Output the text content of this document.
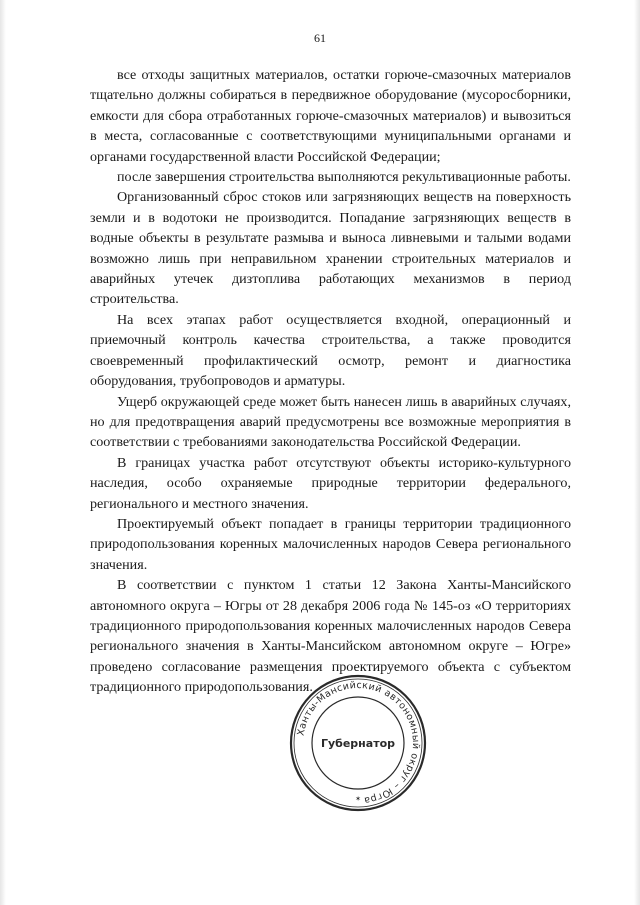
61

все отходы защитных материалов, остатки горюче-смазочных материалов тщательно должны собираться в передвижное оборудование (мусоросборники, емкости для сбора отработанных горюче-смазочных материалов) и вывозиться в места, согласованные с соответствующими муниципальными органами и органами государственной власти Российской Федерации;

после завершения строительства выполняются рекультивационные работы.

Организованный сброс стоков или загрязняющих веществ на поверхность земли и в водотоки не производится. Попадание загрязняющих веществ в водные объекты в результате размыва и выноса ливневыми и талыми водами возможно лишь при неправильном хранении строительных материалов и аварийных утечек дизтоплива работающих механизмов в период строительства.

На всех этапах работ осуществляется входной, операционный и приемочный контроль качества строительства, а также проводится своевременный профилактический осмотр, ремонт и диагностика оборудования, трубопроводов и арматуры.

Ущерб окружающей среде может быть нанесен лишь в аварийных случаях, но для предотвращения аварий предусмотрены все возможные мероприятия в соответствии с требованиями законодательства Российской Федерации.

В границах участка работ отсутствуют объекты историко-культурного наследия, особо охраняемые природные территории федерального, регионального и местного значения.

Проектируемый объект попадает в границы территории традиционного природопользования коренных малочисленных народов Севера регионального значения.

В соответствии с пунктом 1 статьи 12 Закона Ханты-Мансийского автономного округа – Югры от 28 декабря 2006 года № 145-оз «О территориях традиционного природопользования коренных малочисленных народов Севера регионального значения в Ханты-Мансийском автономном округе – Югре» проведено согласование размещения проектируемого объекта с субъектом традиционного природопользования.

Ханты-Мансийский автономный округ – Югра
Губернатор
✶
